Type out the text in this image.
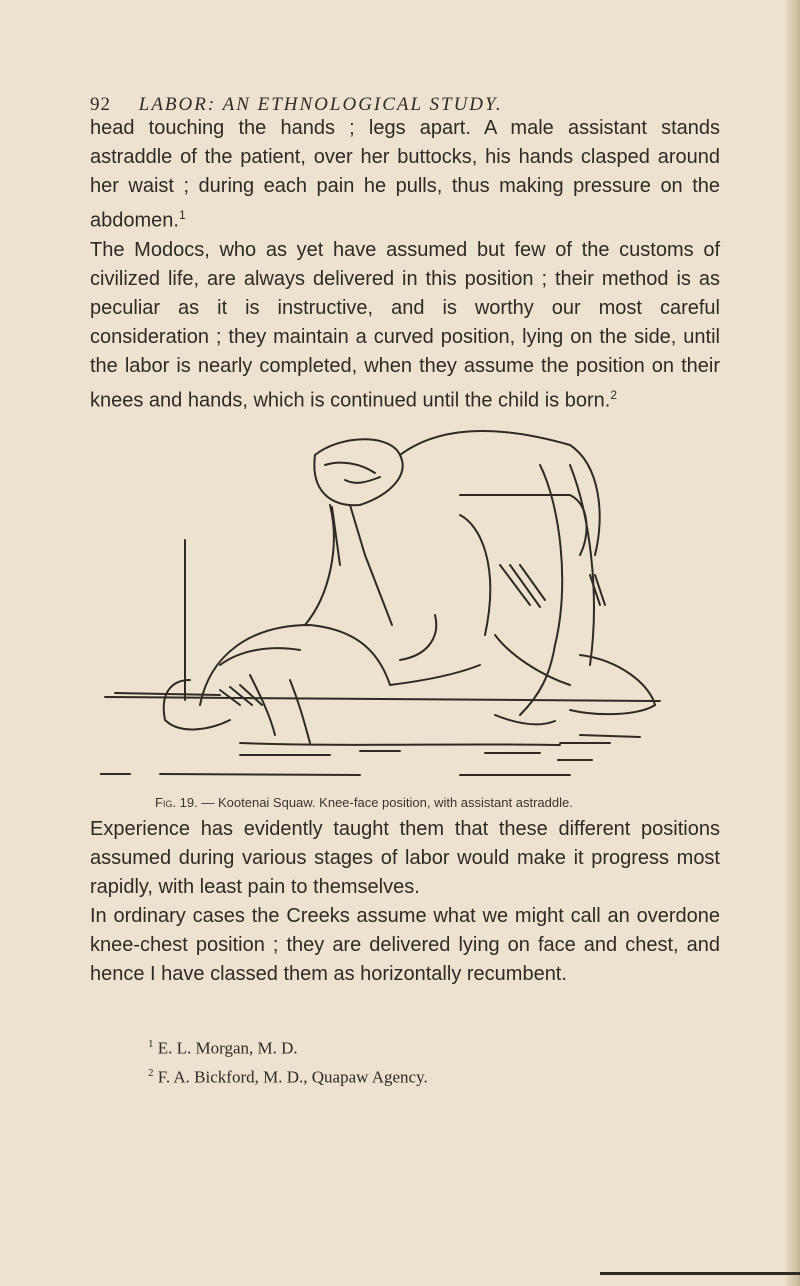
92 LABOR: AN ETHNOLOGICAL STUDY.

head touching the hands ; legs apart. A male assistant stands astraddle of the patient, over her buttocks, his hands clasped around her waist ; during each pain he pulls, thus making pressure on the abdomen.$^1$

The Modocs, who as yet have assumed but few of the customs of civilized life, are always delivered in this position ; their method is as peculiar as it is instructive, and is worthy our most careful consideration ; they maintain a curved position, lying on the side, until the labor is nearly completed, when they assume the position on their knees and hands, which is continued until the child is born.$^2$

Fig. 19. — Kootenai Squaw. Knee-face position, with assistant astraddle.

Experience has evidently taught them that these different positions assumed during various stages of labor would make it progress most rapidly, with least pain to themselves.

In ordinary cases the Creeks assume what we might call an overdone knee-chest position ; they are delivered lying on face and chest, and hence I have classed them as horizontally recumbent.

$^1$ E. L. Morgan, M. D.
$^2$ F. A. Bickford, M. D., Quapaw Agency.
